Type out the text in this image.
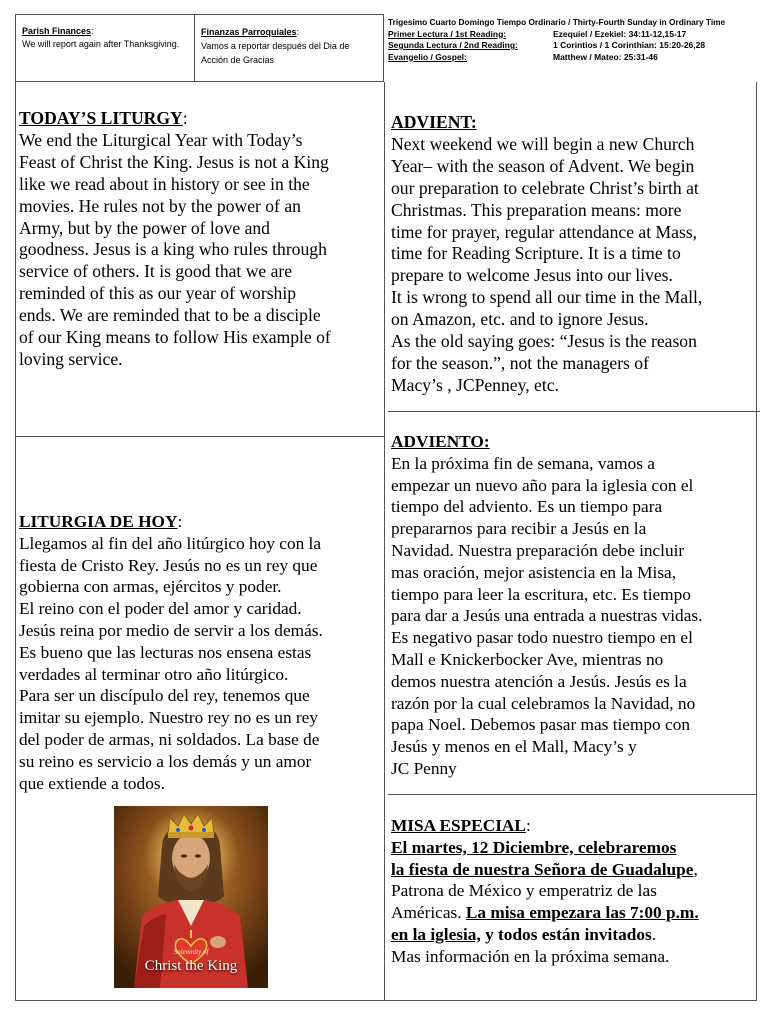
Parish Finances:
We will report again after Thanksgiving.
Finanzas Parroquiales:
Vamos a reportar después del Dia de
Acción de Gracias
Trigesimo Cuarto Domingo Tiempo Ordinario / Thirty-Fourth Sunday in Ordinary Time
Primer Lectura / 1st Reading:	Ezequiel / Ezekiel: 34:11-12,15-17
Segunda Lectura / 2nd Reading:	1 Corintios / 1 Corinthian: 15:20-26,28
Evangelio / Gospel:	Matthew / Mateo: 25:31-46
TODAY’S LITURGY:
We end the Liturgical Year with Today’s
Feast of Christ the King. Jesus is not a King
like we read about in history or see in the
movies. He rules not by the power of an
Army, but by the power of love and
goodness. Jesus is a king who rules through
service of others. It is good that we are
reminded of this as our year of worship
ends. We are reminded that to be a disciple
of our King means to follow His example of
loving service.
ADVIENT:
Next weekend we will begin a new Church
Year– with the season of Advent. We begin
our preparation to celebrate Christ’s birth at
Christmas. This preparation means: more
time for prayer, regular attendance at Mass,
time for Reading Scripture. It is a time to
prepare to welcome Jesus into our lives.
It is wrong to spend all our time in the Mall,
on Amazon, etc. and to ignore Jesus.
As the old saying goes: “Jesus is the reason
for the season.”, not the managers of
Macy’s , JCPenney, etc.
LITURGIA DE HOY:
Llegamos al fin del año litúrgico hoy con la
fiesta de Cristo Rey. Jesús no es un rey que
gobierna con armas, ejércitos y poder.
El reino con el poder del amor y caridad.
Jesús reina por medio de servir a los demás.
Es bueno que las lecturas nos ensena estas
verdades al terminar otro año litúrgico.
Para ser un discípulo del rey, tenemos que
imitar su ejemplo. Nuestro rey no es un rey
del poder de armas, ni soldados. La base de
su reino es servicio a los demás y un amor
que extiende a todos.
ADVIENTO:
En la próxima fin de semana, vamos a
empezar un nuevo año para la iglesia con el
tiempo del adviento. Es un tiempo para
prepararnos para recibir a Jesús en la
Navidad. Nuestra preparación debe incluir
mas oración, mejor asistencia en la Misa,
tiempo para leer la escritura, etc. Es tiempo
para dar a Jesús una entrada a nuestras vidas.
Es negativo pasar todo nuestro tiempo en el
Mall e Knickerbocker Ave, mientras no
demos nuestra atención a Jesús. Jesús es la
razón por la cual celebramos la Navidad, no
papa Noel. Debemos pasar mas tiempo con
Jesús y menos en el Mall, Macy’s y
JC Penny
MISA ESPECIAL:
El martes, 12 Diciembre, celebraremos
la fiesta de nuestra Señora de Guadalupe,
Patrona de México y emperatriz de las
Américas. La misa empezara las 7:00 p.m.
en la iglesia, y todos están invitados.
Mas información en la próxima semana.
Solemnity of
Christ the King
